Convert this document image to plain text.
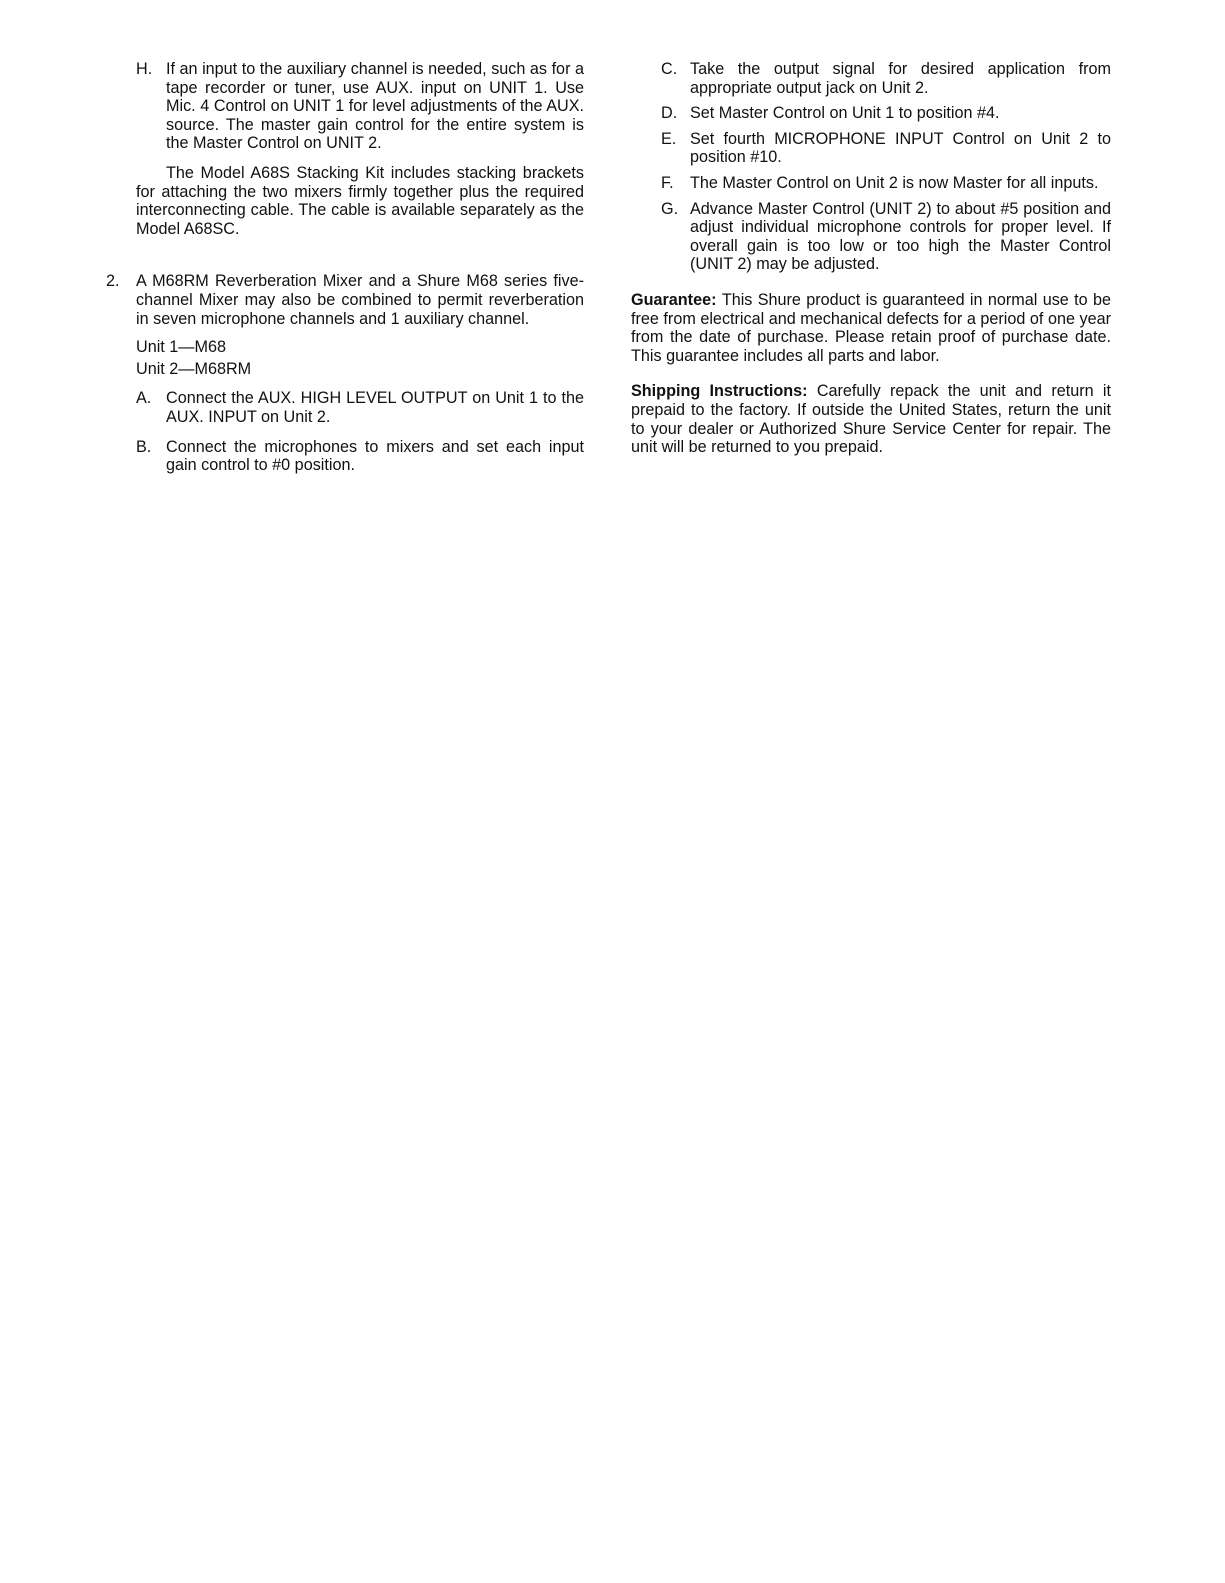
H. If an input to the auxiliary channel is needed, such as for a tape recorder or tuner, use AUX. input on UNIT 1. Use Mic. 4 Control on UNIT 1 for level adjustments of the AUX. source. The master gain control for the entire system is the Master Control on UNIT 2.

The Model A68S Stacking Kit includes stacking brackets for attaching the two mixers firmly together plus the required interconnecting cable. The cable is available separately as the Model A68SC.

2. A M68RM Reverberation Mixer and a Shure M68 series five-channel Mixer may also be combined to permit reverberation in seven microphone channels and 1 auxiliary channel.

Unit 1—M68
Unit 2—M68RM
A. Connect the AUX. HIGH LEVEL OUTPUT on Unit 1 to the AUX. INPUT on Unit 2.

B. Connect the microphones to mixers and set each input gain control to #0 position.

C. Take the output signal for desired application from appropriate output jack on Unit 2.

D. Set Master Control on Unit 1 to position #4.

E. Set fourth MICROPHONE INPUT Control on Unit 2 to position #10.

F. The Master Control on Unit 2 is now Master for all inputs.

G. Advance Master Control (UNIT 2) to about #5 position and adjust individual microphone controls for proper level. If overall gain is too low or too high the Master Control (UNIT 2) may be adjusted.

Guarantee: This Shure product is guaranteed in normal use to be free from electrical and mechanical defects for a period of one year from the date of purchase. Please retain proof of purchase date. This guarantee includes all parts and labor.

Shipping Instructions: Carefully repack the unit and return it prepaid to the factory. If outside the United States, return the unit to your dealer or Authorized Shure Service Center for repair. The unit will be returned to you prepaid.
